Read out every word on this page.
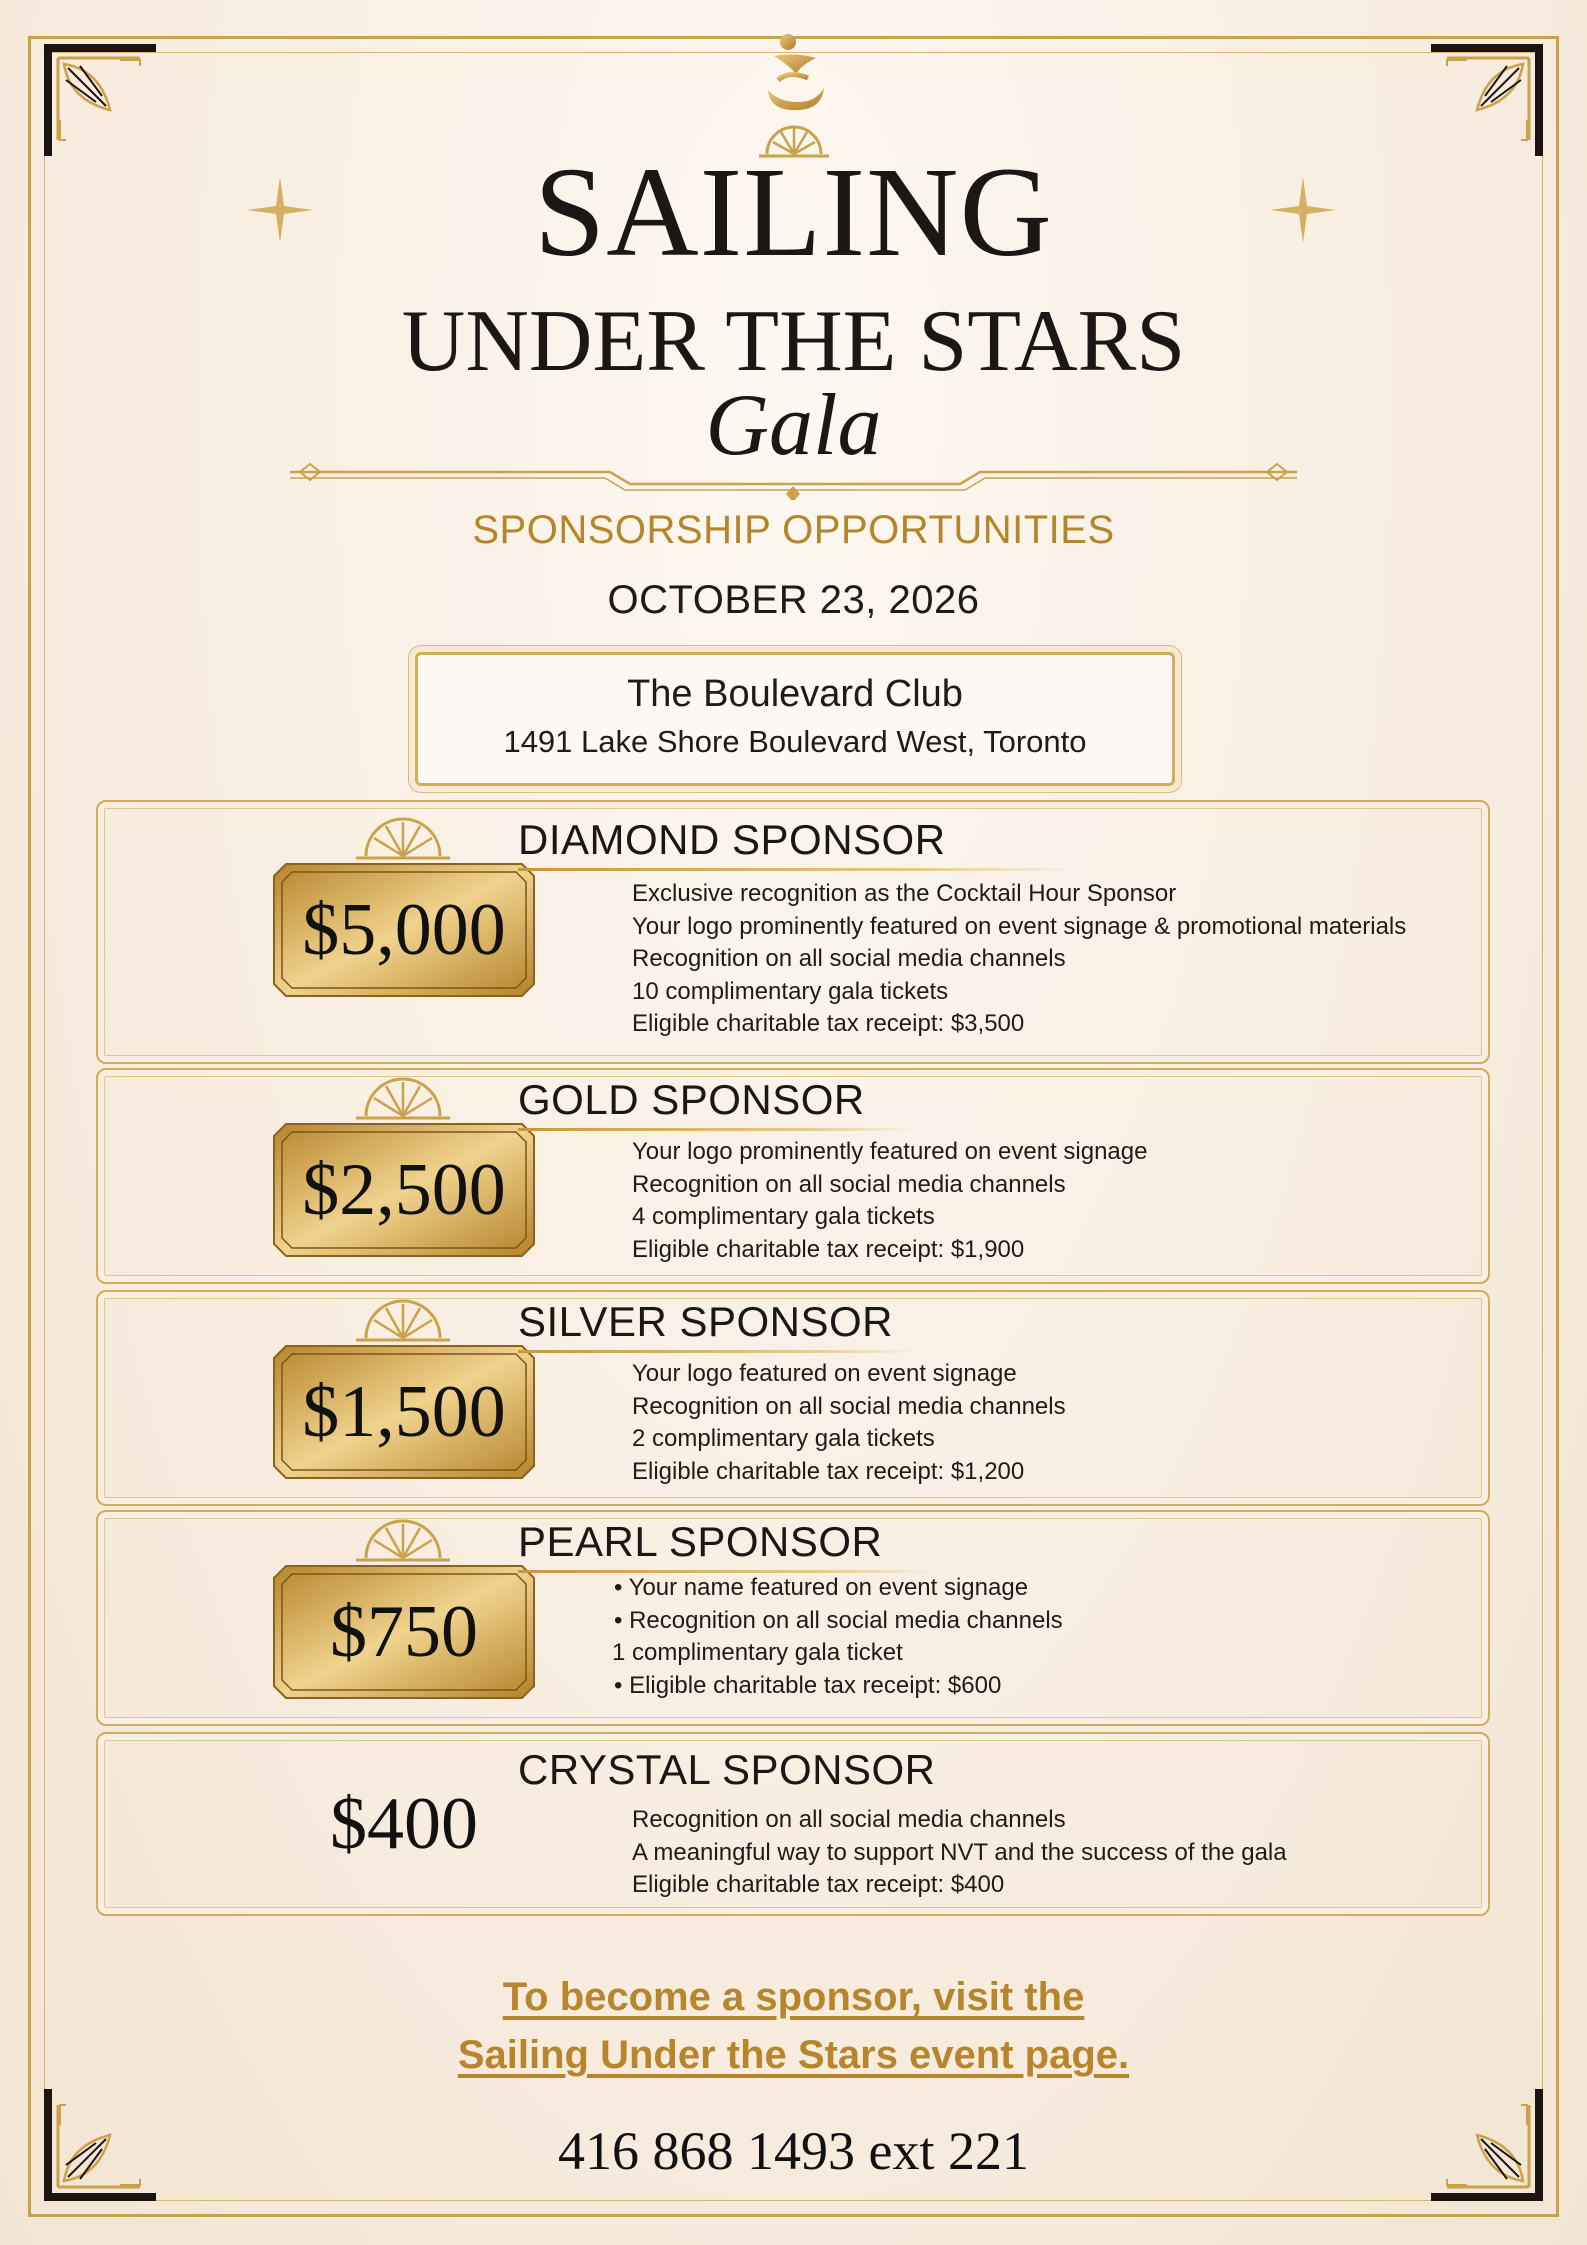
SAILING
UNDER THE STARS
Gala
SPONSORSHIP OPPORTUNITIES
OCTOBER 23, 2026
The Boulevard Club
1491 Lake Shore Boulevard West, Toronto
$5,000
DIAMOND SPONSOR
Exclusive recognition as the Cocktail Hour Sponsor
Your logo prominently featured on event signage & promotional materials
Recognition on all social media channels
10 complimentary gala tickets
Eligible charitable tax receipt: $3,500
$2,500
GOLD SPONSOR
Your logo prominently featured on event signage
Recognition on all social media channels
4 complimentary gala tickets
Eligible charitable tax receipt: $1,900
$1,500
SILVER SPONSOR
Your logo featured on event signage
Recognition on all social media channels
2 complimentary gala tickets
Eligible charitable tax receipt: $1,200
$750
PEARL SPONSOR
• Your name featured on event signage
• Recognition on all social media channels
1 complimentary gala ticket
• Eligible charitable tax receipt: $600
$400
CRYSTAL SPONSOR
Recognition on all social media channels
A meaningful way to support NVT and the success of the gala
Eligible charitable tax receipt: $400
To become a sponsor, visit the
Sailing Under the Stars event page.
416 868 1493 ext 221
